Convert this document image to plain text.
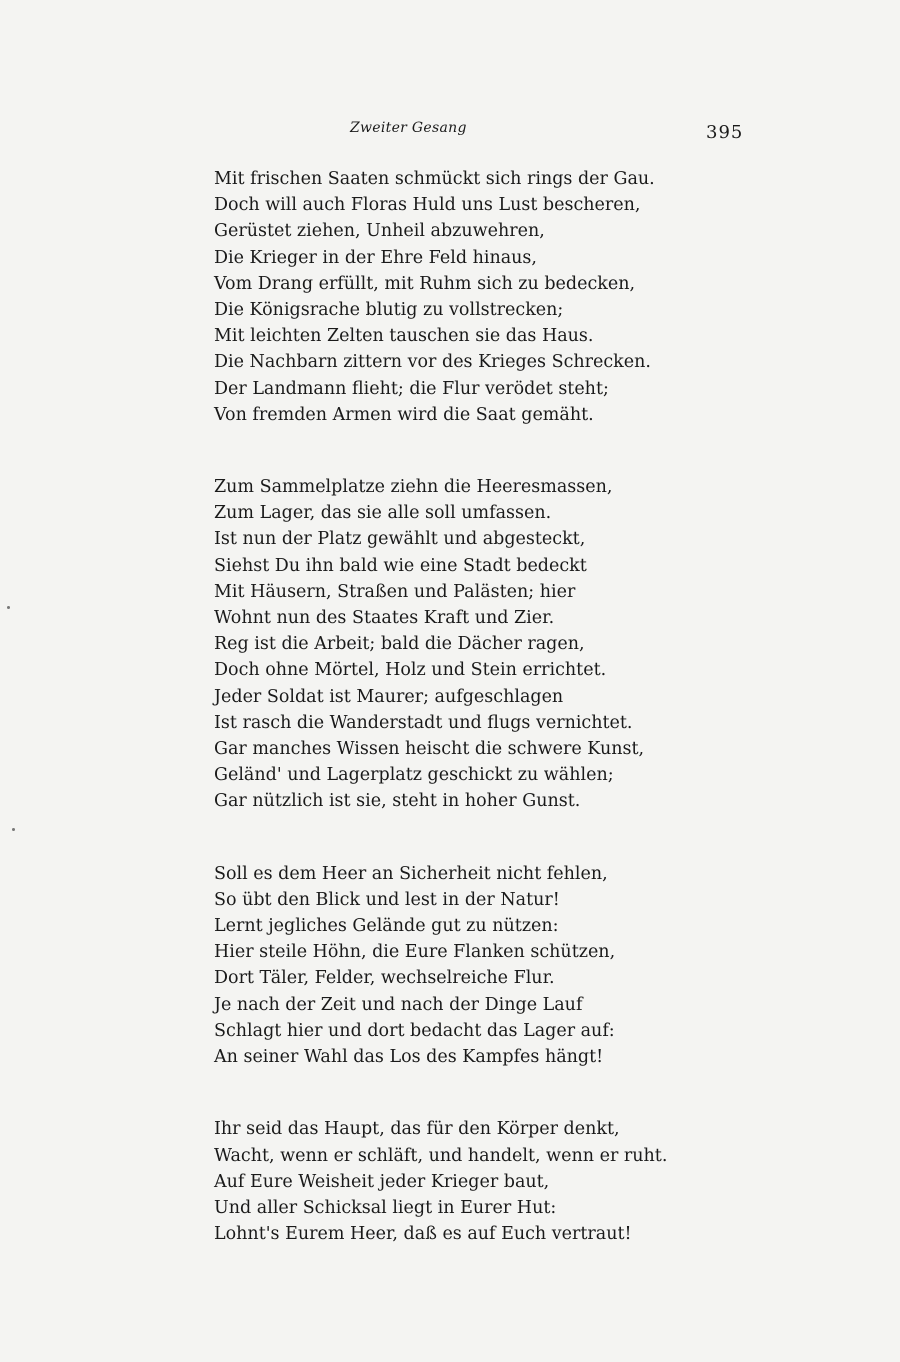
Zweiter Gesang	395
Mit frischen Saaten schmückt sich rings der Gau.
Doch will auch Floras Huld uns Lust bescheren,
Gerüstet ziehen, Unheil abzuwehren,
Die Krieger in der Ehre Feld hinaus,
Vom Drang erfüllt, mit Ruhm sich zu bedecken,
Die Königsrache blutig zu vollstrecken;
Mit leichten Zelten tauschen sie das Haus.
Die Nachbarn zittern vor des Krieges Schrecken.
Der Landmann flieht; die Flur verödet steht;
Von fremden Armen wird die Saat gemäht.
Zum Sammelplatze ziehn die Heeresmassen,
Zum Lager, das sie alle soll umfassen.
Ist nun der Platz gewählt und abgesteckt,
Siehst Du ihn bald wie eine Stadt bedeckt
Mit Häusern, Straßen und Palästen; hier
Wohnt nun des Staates Kraft und Zier.
Reg ist die Arbeit; bald die Dächer ragen,
Doch ohne Mörtel, Holz und Stein errichtet.
Jeder Soldat ist Maurer; aufgeschlagen
Ist rasch die Wanderstadt und flugs vernichtet.
Gar manches Wissen heischt die schwere Kunst,
Geländ' und Lagerplatz geschickt zu wählen;
Gar nützlich ist sie, steht in hoher Gunst.
Soll es dem Heer an Sicherheit nicht fehlen,
So übt den Blick und lest in der Natur!
Lernt jegliches Gelände gut zu nützen:
Hier steile Höhn, die Eure Flanken schützen,
Dort Täler, Felder, wechselreiche Flur.
Je nach der Zeit und nach der Dinge Lauf
Schlagt hier und dort bedacht das Lager auf:
An seiner Wahl das Los des Kampfes hängt!
Ihr seid das Haupt, das für den Körper denkt,
Wacht, wenn er schläft, und handelt, wenn er ruht.
Auf Eure Weisheit jeder Krieger baut,
Und aller Schicksal liegt in Eurer Hut:
Lohnt's Eurem Heer, daß es auf Euch vertraut!
